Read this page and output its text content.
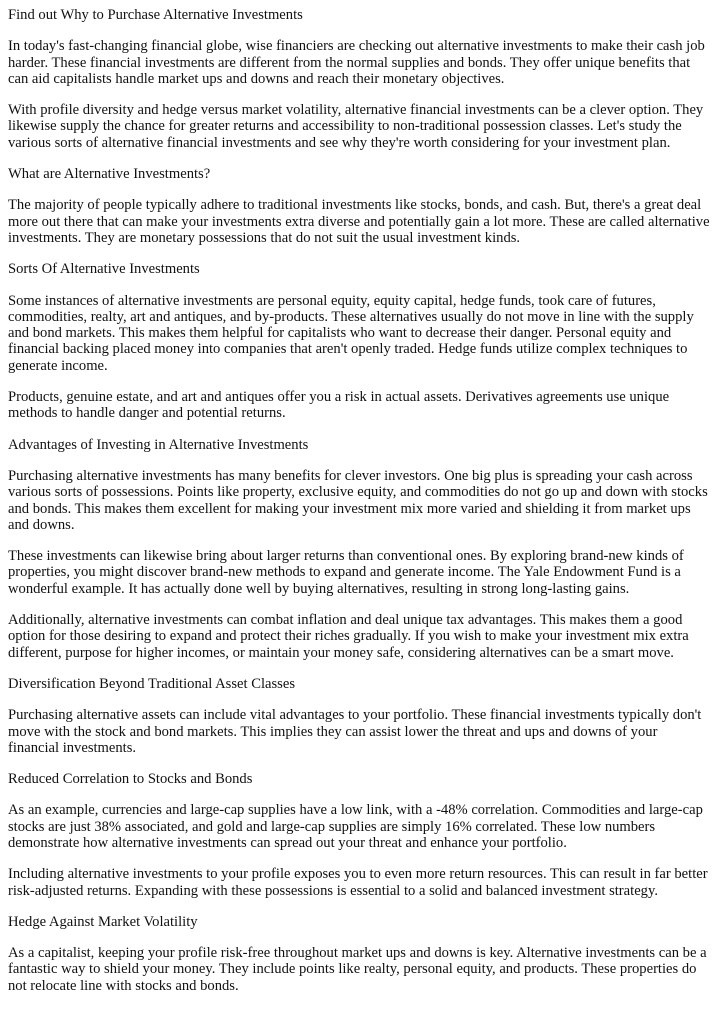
Find out Why to Purchase Alternative Investments

In today's fast-changing financial globe, wise financiers are checking out alternative investments to make their cash job harder. These financial investments are different from the normal supplies and bonds. They offer unique benefits that can aid capitalists handle market ups and downs and reach their monetary objectives.

With profile diversity and hedge versus market volatility, alternative financial investments can be a clever option. They likewise supply the chance for greater returns and accessibility to non-traditional possession classes. Let's study the various sorts of alternative financial investments and see why they're worth considering for your investment plan.

What are Alternative Investments?

The majority of people typically adhere to traditional investments like stocks, bonds, and cash. But, there's a great deal more out there that can make your investments extra diverse and potentially gain a lot more. These are called alternative investments. They are monetary possessions that do not suit the usual investment kinds.

Sorts Of Alternative Investments

Some instances of alternative investments are personal equity, equity capital, hedge funds, took care of futures, commodities, realty, art and antiques, and by-products. These alternatives usually do not move in line with the supply and bond markets. This makes them helpful for capitalists who want to decrease their danger. Personal equity and financial backing placed money into companies that aren't openly traded. Hedge funds utilize complex techniques to generate income.

Products, genuine estate, and art and antiques offer you a risk in actual assets. Derivatives agreements use unique methods to handle danger and potential returns.

Advantages of Investing in Alternative Investments

Purchasing alternative investments has many benefits for clever investors. One big plus is spreading your cash across various sorts of possessions. Points like property, exclusive equity, and commodities do not go up and down with stocks and bonds. This makes them excellent for making your investment mix more varied and shielding it from market ups and downs.

These investments can likewise bring about larger returns than conventional ones. By exploring brand-new kinds of properties, you might discover brand-new methods to expand and generate income. The Yale Endowment Fund is a wonderful example. It has actually done well by buying alternatives, resulting in strong long-lasting gains.

Additionally, alternative investments can combat inflation and deal unique tax advantages. This makes them a good option for those desiring to expand and protect their riches gradually. If you wish to make your investment mix extra different, purpose for higher incomes, or maintain your money safe, considering alternatives can be a smart move.

Diversification Beyond Traditional Asset Classes

Purchasing alternative assets can include vital advantages to your portfolio. These financial investments typically don't move with the stock and bond markets. This implies they can assist lower the threat and ups and downs of your financial investments.

Reduced Correlation to Stocks and Bonds

As an example, currencies and large-cap supplies have a low link, with a -48% correlation. Commodities and large-cap stocks are just 38% associated, and gold and large-cap supplies are simply 16% correlated. These low numbers demonstrate how alternative investments can spread out your threat and enhance your portfolio.

Including alternative investments to your profile exposes you to even more return resources. This can result in far better risk-adjusted returns. Expanding with these possessions is essential to a solid and balanced investment strategy.

Hedge Against Market Volatility

As a capitalist, keeping your profile risk-free throughout market ups and downs is key. Alternative investments can be a fantastic way to shield your money. They include points like realty, personal equity, and products. These properties do not relocate line with stocks and bonds.
